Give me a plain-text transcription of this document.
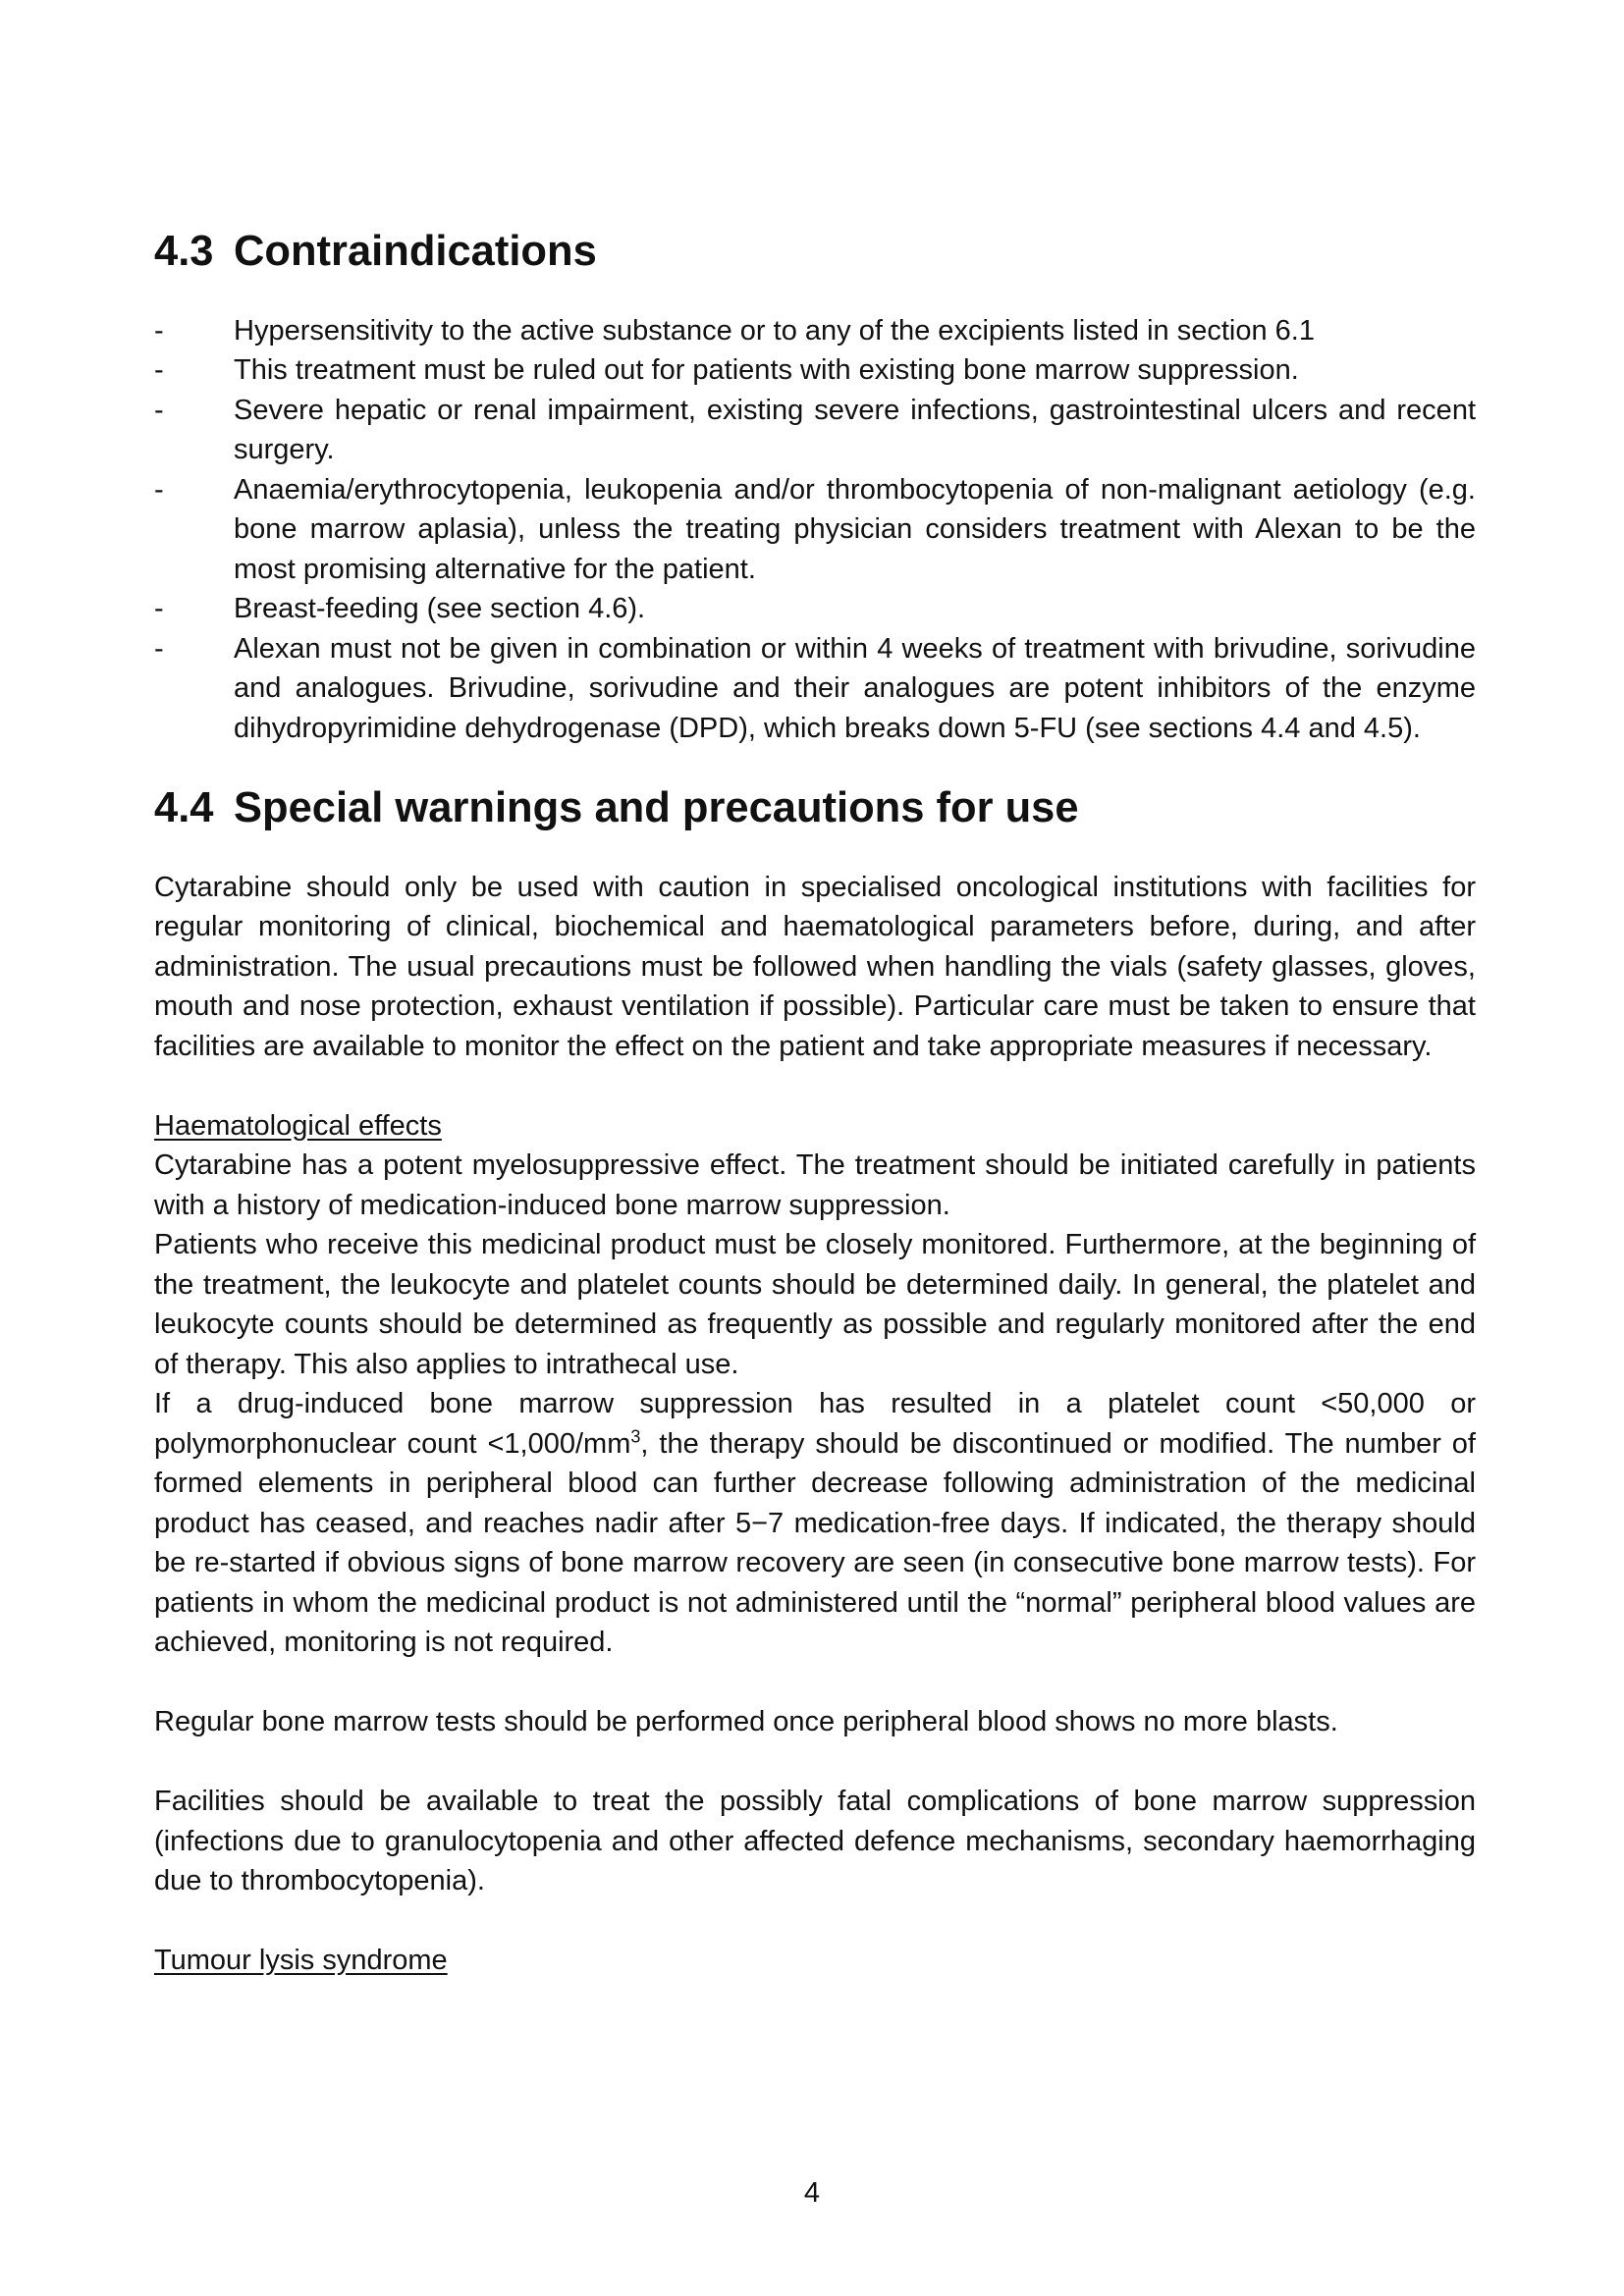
4.3 Contraindications
-	Hypersensitivity to the active substance or to any of the excipients listed in section 6.1
-	This treatment must be ruled out for patients with existing bone marrow suppression.
-	Severe hepatic or renal impairment, existing severe infections, gastrointestinal ulcers and recent surgery.
-	Anaemia/erythrocytopenia, leukopenia and/or thrombocytopenia of non-malignant aetiology (e.g. bone marrow aplasia), unless the treating physician considers treatment with Alexan to be the most promising alternative for the patient.
-	Breast-feeding (see section 4.6).
-	Alexan must not be given in combination or within 4 weeks of treatment with brivudine, sorivudine and analogues. Brivudine, sorivudine and their analogues are potent inhibitors of the enzyme dihydropyrimidine dehydrogenase (DPD), which breaks down 5-FU (see sections 4.4 and 4.5).
4.4 Special warnings and precautions for use

Cytarabine should only be used with caution in specialised oncological institutions with facilities for regular monitoring of clinical, biochemical and haematological parameters before, during, and after administration. The usual precautions must be followed when handling the vials (safety glasses, gloves, mouth and nose protection, exhaust ventilation if possible). Particular care must be taken to ensure that facilities are available to monitor the effect on the patient and take appropriate measures if necessary.

Haematological effects

Cytarabine has a potent myelosuppressive effect. The treatment should be initiated carefully in patients with a history of medication-induced bone marrow suppression.

Patients who receive this medicinal product must be closely monitored. Furthermore, at the beginning of the treatment, the leukocyte and platelet counts should be determined daily. In general, the platelet and leukocyte counts should be determined as frequently as possible and regularly monitored after the end of therapy. This also applies to intrathecal use.

If a drug-induced bone marrow suppression has resulted in a platelet count <50,000 or polymorphonuclear count $<1,000/mm^3$, the therapy should be discontinued or modified. The number of formed elements in peripheral blood can further decrease following administration of the medicinal product has ceased, and reaches nadir after 5−7 medication-free days. If indicated, the therapy should be re-started if obvious signs of bone marrow recovery are seen (in consecutive bone marrow tests). For patients in whom the medicinal product is not administered until the “normal” peripheral blood values are achieved, monitoring is not required.

Regular bone marrow tests should be performed once peripheral blood shows no more blasts.

Facilities should be available to treat the possibly fatal complications of bone marrow suppression (infections due to granulocytopenia and other affected defence mechanisms, secondary haemorrhaging due to thrombocytopenia).

Tumour lysis syndrome

4
